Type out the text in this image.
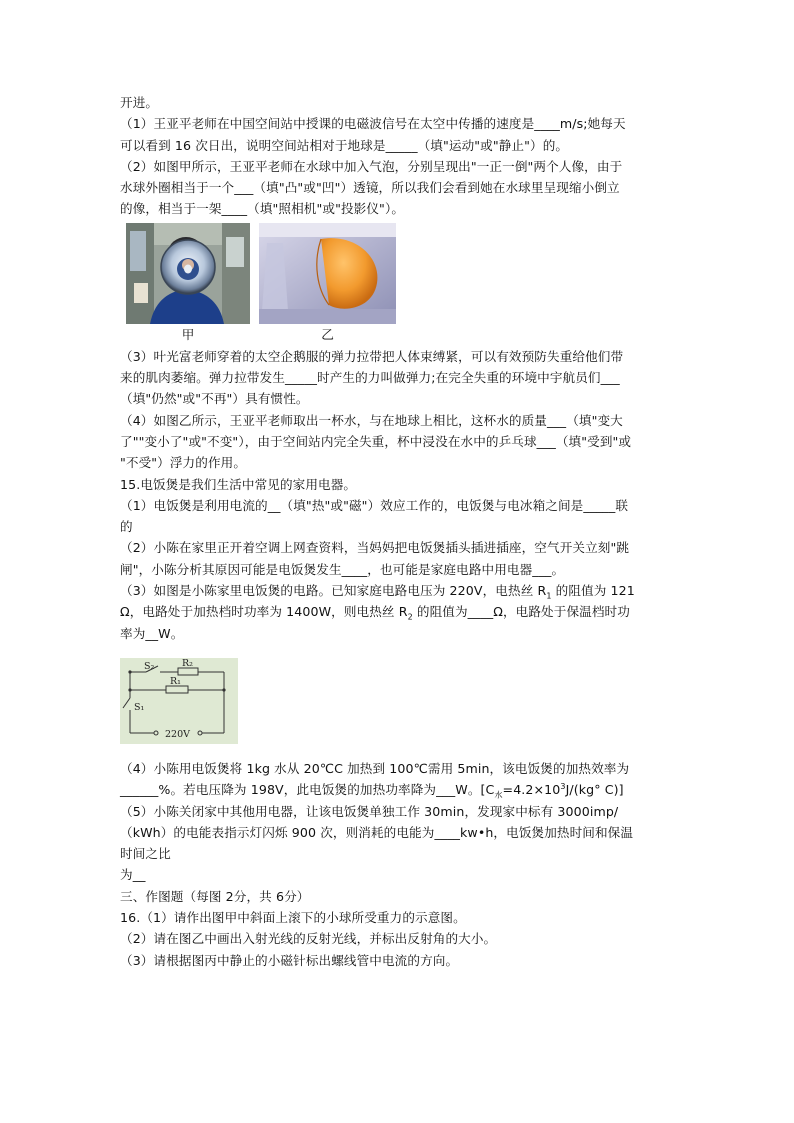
开进。
（1）王亚平老师在中国空间站中授课的电磁波信号在太空中传播的速度是____m/s;她每天
可以看到 16 次日出，说明空间站相对于地球是_____（填"运动"或"静止"）的。
（2）如图甲所示，王亚平老师在水球中加入气泡，分别呈现出"一正一倒"两个人像，由于
水球外圈相当于一个___（填"凸"或"凹"）透镜，所以我们会看到她在水球里呈现缩小倒立
的像，相当于一架____（填"照相机"或"投影仪"）。
甲	乙
（3）叶光富老师穿着的太空企鹅服的弹力拉带把人体束缚紧，可以有效预防失重给他们带
来的肌肉萎缩。弹力拉带发生_____时产生的力叫做弹力;在完全失重的环境中宇航员们___
（填"仍然"或"不再"）具有惯性。
（4）如图乙所示，王亚平老师取出一杯水，与在地球上相比，这杯水的质量___（填"变大
了""变小了"或"不变"），由于空间站内完全失重，杯中浸没在水中的乒乓球___（填"受到"或
"不受"）浮力的作用。
15.电饭煲是我们生活中常见的家用电器。
（1）电饭煲是利用电流的__（填"热"或"磁"）效应工作的，电饭煲与电冰箱之间是_____联
的
（2）小陈在家里正开着空调上网查资料，当妈妈把电饭煲插头插进插座，空气开关立刻"跳
闸"，小陈分析其原因可能是电饭煲发生____，也可能是家庭电路中用电器___。
（3）如图是小陈家里电饭煲的电路。已知家庭电路电压为 220V，电热丝 $R_1$ 的阻值为 121
Ω，电路处于加热档时功率为 1400W，则电热丝 $R_2$ 的阻值为____Ω，电路处于保温档时功
率为__W。
S₂	R₂
R₁
S₁
220V
（4）小陈用电饭煲将 1kg 水从 20℃C 加热到 100℃需用 5min，该电饭煲的加热效率为
______%。若电压降为 198V，此电饭煲的加热功率降为___W。[$C_水=4.2\times 10^3J/(kg^\circ$ C)]
（5）小陈关闭家中其他用电器，让该电饭煲单独工作 30min，发现家中标有 3000imp/
（kWh）的电能表指示灯闪烁 900 次，则消耗的电能为____kw•h，电饭煲加热时间和保温
时间之比
为__
三、作图题（每图 2分，共 6分）
16.（1）请作出图甲中斜面上滚下的小球所受重力的示意图。
（2）请在图乙中画出入射光线的反射光线，并标出反射角的大小。
（3）请根据图丙中静止的小磁针标出螺线管中电流的方向。
